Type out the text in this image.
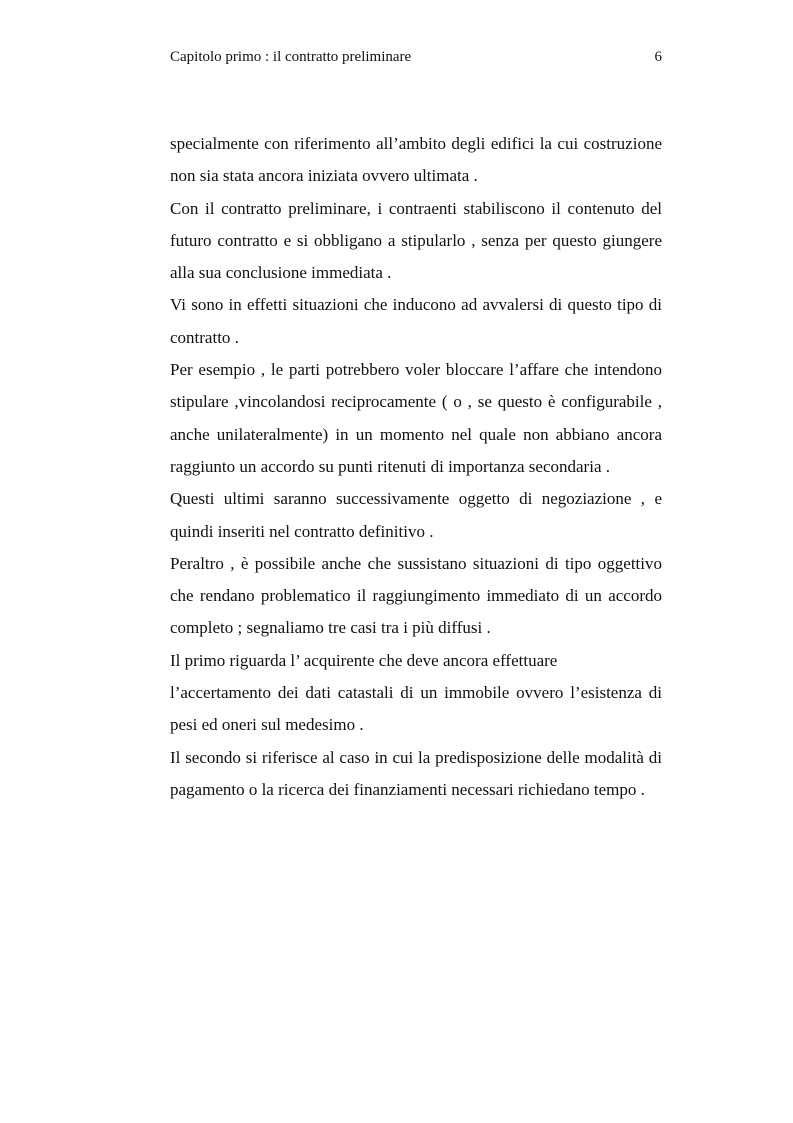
Capitolo primo : il contratto preliminare	6

specialmente con riferimento all’ambito degli edifici la cui costruzione non sia stata ancora iniziata ovvero ultimata .

Con il contratto preliminare, i contraenti stabiliscono il contenuto del futuro contratto e si obbligano a stipularlo , senza per questo giungere alla sua conclusione immediata .

Vi sono in effetti situazioni che inducono ad avvalersi di questo tipo di contratto .

Per esempio , le parti potrebbero voler bloccare l’affare che intendono stipulare ,vincolandosi reciprocamente ( o , se questo è configurabile , anche unilateralmente) in un momento nel quale non abbiano ancora raggiunto un accordo su punti ritenuti di importanza secondaria .

Questi ultimi saranno successivamente oggetto di negoziazione , e quindi inseriti nel contratto definitivo .

Peraltro , è possibile anche che sussistano situazioni di tipo oggettivo che rendano problematico il raggiungimento immediato di un accordo completo ; segnaliamo tre casi tra i più diffusi .

Il primo riguarda l’ acquirente che deve ancora effettuare

l’accertamento dei dati catastali di un immobile ovvero l’esistenza di pesi ed oneri sul medesimo .

Il secondo si riferisce al caso in cui la predisposizione delle modalità di pagamento o la ricerca dei finanziamenti necessari richiedano tempo .
